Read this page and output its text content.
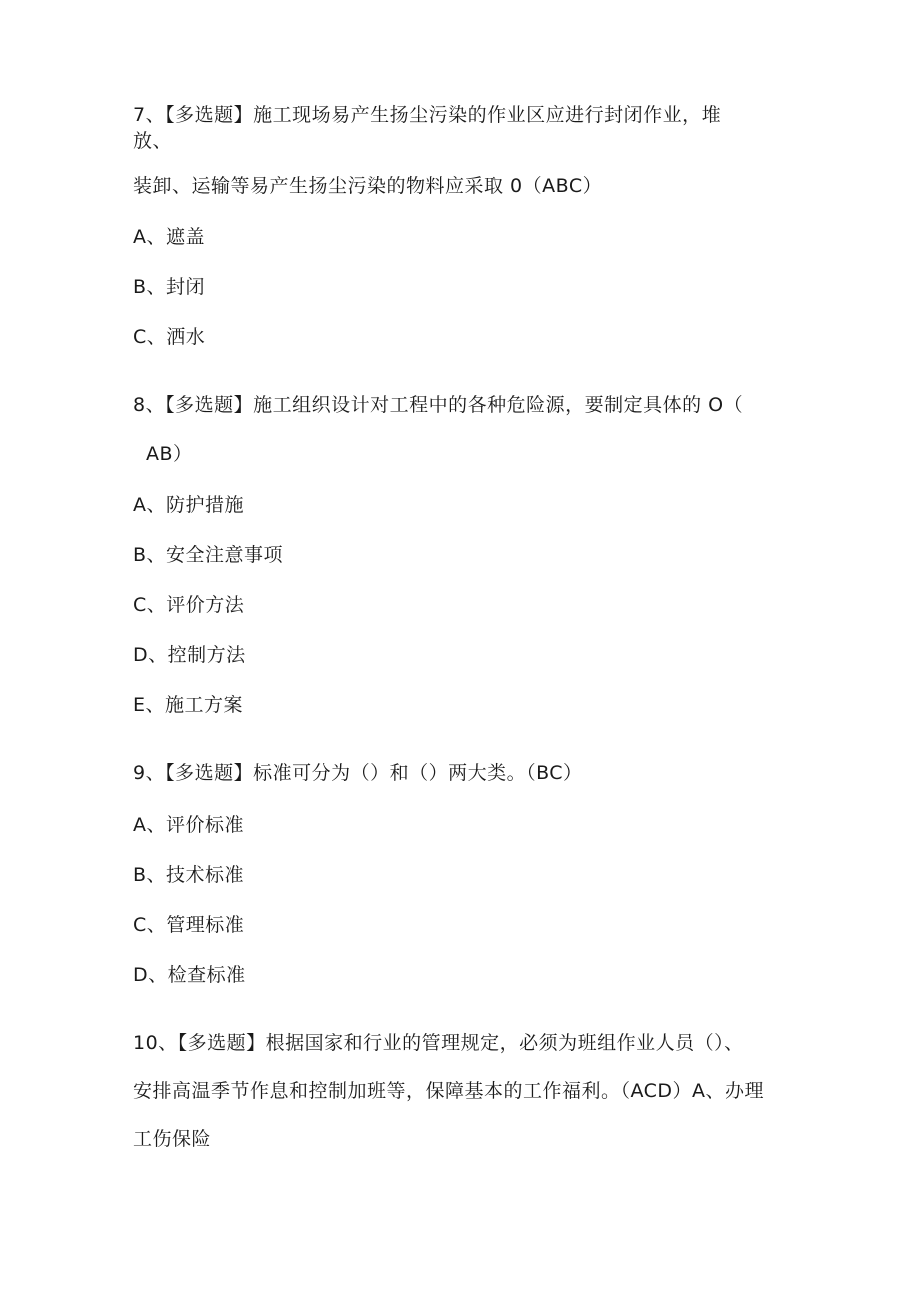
7、【多选题】施工现场易产生扬尘污染的作业区应进行封闭作业，堆
放、
装卸、运输等易产生扬尘污染的物料应采取 0（ABC）
A、遮盖
B、封闭
C、洒水
8、【多选题】施工组织设计对工程中的各种危险源，要制定具体的 O（
AB）
A、防护措施
B、安全注意事项
C、评价方法
D、控制方法
E、施工方案
9、【多选题】标准可分为（）和（）两大类。（BC）
A、评价标准
B、技术标准
C、管理标准
D、检查标准
10、【多选题】根据国家和行业的管理规定，必须为班组作业人员（）、
安排高温季节作息和控制加班等，保障基本的工作福利。（ACD）A、办理
工伤保险
